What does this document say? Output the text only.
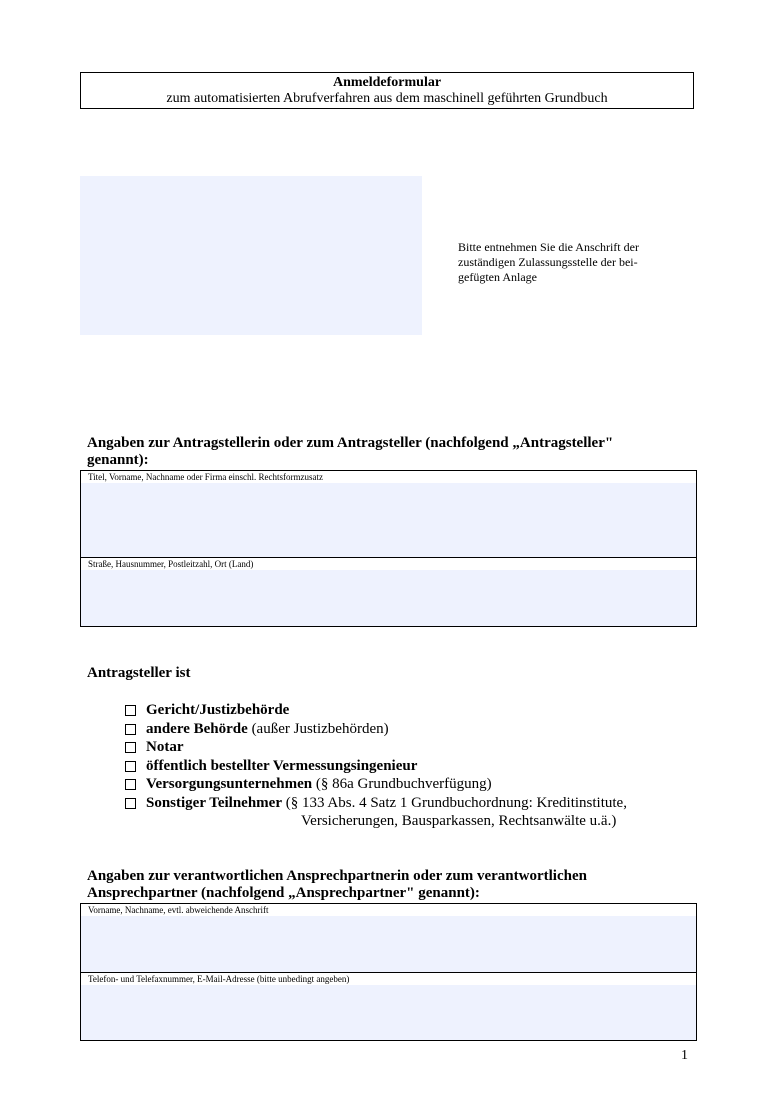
Anmeldeformular
zum automatisierten Abrufverfahren aus dem maschinell geführten Grundbuch
Bitte entnehmen Sie die Anschrift der
zuständigen Zulassungsstelle der bei-
gefügten Anlage
Angaben zur Antragstellerin oder zum Antragsteller (nachfolgend „Antragsteller"
genannt):
Titel, Vorname, Nachname oder Firma einschl. Rechtsformzusatz
Straße, Hausnummer, Postleitzahl, Ort (Land)
Antragsteller ist
Gericht/Justizbehörde
andere Behörde (außer Justizbehörden)
Notar
öffentlich bestellter Vermessungsingenieur
Versorgungsunternehmen (§ 86a Grundbuchverfügung)
Sonstiger Teilnehmer (§ 133 Abs. 4 Satz 1 Grundbuchordnung: Kreditinstitute,
Versicherungen, Bausparkassen, Rechtsanwälte u.ä.)
Angaben zur verantwortlichen Ansprechpartnerin oder zum verantwortlichen
Ansprechpartner (nachfolgend „Ansprechpartner" genannt):
Vorname, Nachname, evtl. abweichende Anschrift
Telefon- und Telefaxnummer, E-Mail-Adresse (bitte unbedingt angeben)
1
